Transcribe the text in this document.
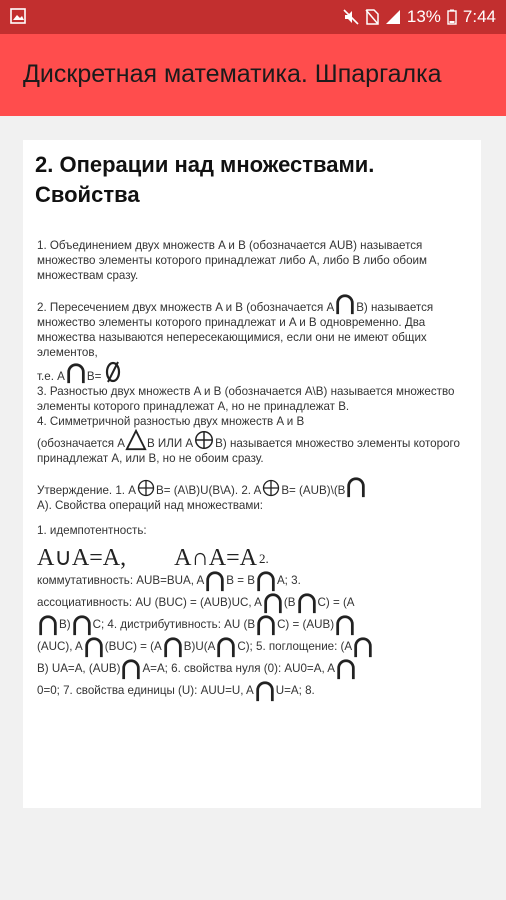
13% 7:44
Дискретная математика. Шпаргалка
2. Операции над множествами. Свойства

1. Объединением двух множеств A и B (обозначается AUB) называется множество элементы которого принадлежат либо A, либо B либо обоим множествам сразу.

2. Пересечением двух множеств A и B (обозначается A B) называется множество элементы которого принадлежат и A и B одновременно. Два множества называются непересекающимися, если они не имеют общих элементов,
т.е. A B=

3. Разностью двух множеств A и B (обозначается A\B) называется множество элементы которого принадлежат A, но не принадлежат B.

4. Симметричной разностью двух множеств A и B
(обозначается A B ИЛИ A B) называется множество элементы которого принадлежат A, или B, но не обоим сразу.

Утверждение. 1. A B= (A\B)U(B\A). 2. A B= (AUB)\(B

A). Свойства операций над множествами:

1. идемпотентность:

A∪A=A, A∩A=A 2.

коммутативность: AUB=BUA, A B = B A; 3.
ассоциативность: AU (BUC) = (AUB)UC, A (B C) = (A

B) C; 4. дистрибутивность: AU (B C) = (AUB)

(AUC), A (BUC) = (A B)U(A C); 5. поглощение: (A

B) UA=A, (AUB) A=A; 6. свойства нуля (0): AU0=A, A

0=0; 7. свойства единицы (U): AUU=U, A U=A; 8.
